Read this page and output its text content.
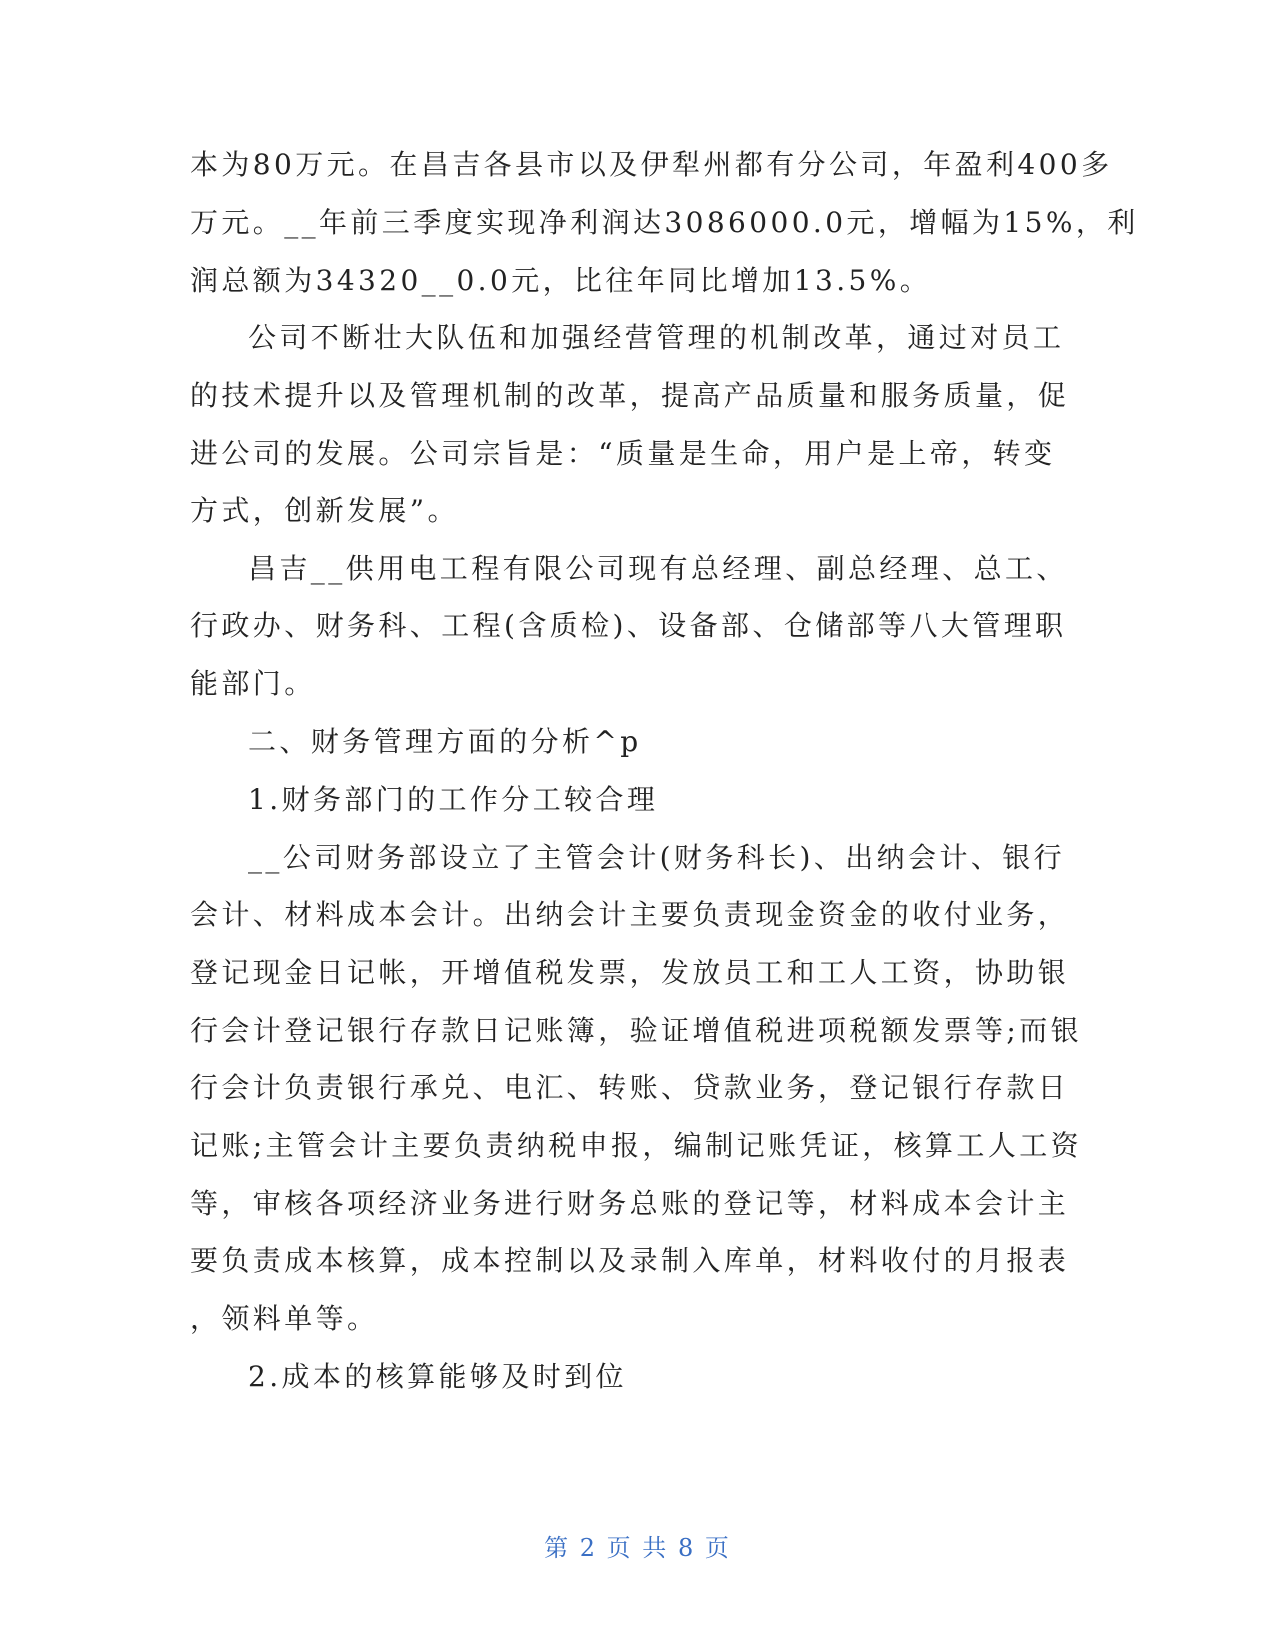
本为80万元。在昌吉各县市以及伊犁州都有分公司，年盈利400多
万元。__年前三季度实现净利润达3086000.0元，增幅为15%，利
润总额为34320__0.0元，比往年同比增加13.5%。
公司不断壮大队伍和加强经营管理的机制改革，通过对员工
的技术提升以及管理机制的改革，提高产品质量和服务质量，促
进公司的发展。公司宗旨是：“质量是生命，用户是上帝，转变
方式，创新发展”。
昌吉__供用电工程有限公司现有总经理、副总经理、总工、
行政办、财务科、工程(含质检)、设备部、仓储部等八大管理职
能部门。
二、财务管理方面的分析^p
1.财务部门的工作分工较合理
__公司财务部设立了主管会计(财务科长)、出纳会计、银行
会计、材料成本会计。出纳会计主要负责现金资金的收付业务，
登记现金日记帐，开增值税发票，发放员工和工人工资，协助银
行会计登记银行存款日记账簿，验证增值税进项税额发票等;而银
行会计负责银行承兑、电汇、转账、贷款业务，登记银行存款日
记账;主管会计主要负责纳税申报，编制记账凭证，核算工人工资
等，审核各项经济业务进行财务总账的登记等，材料成本会计主
要负责成本核算，成本控制以及录制入库单，材料收付的月报表
，领料单等。
2.成本的核算能够及时到位
第 2 页 共 8 页
